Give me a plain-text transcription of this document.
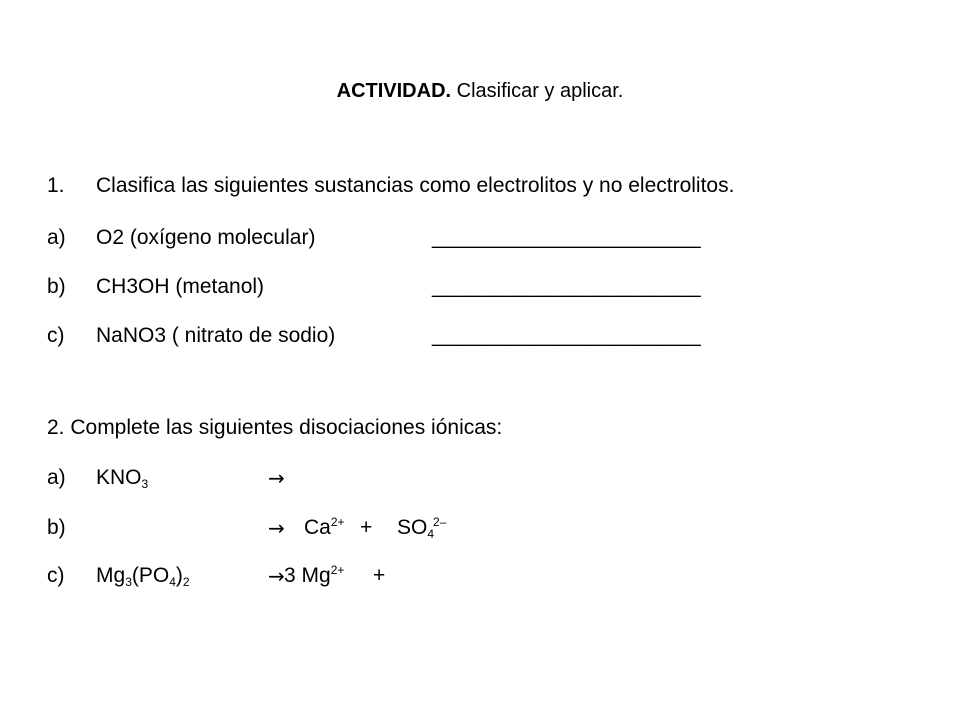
ACTIVIDAD. Clasificar y aplicar.
1. Clasifica las siguientes sustancias como electrolitos y no electrolitos.
a) O2 (oxígeno molecular)	_______________________
b) CH3OH (metanol)	_______________________
c) NaNO3 ( nitrato de sodio)	_______________________
2. Complete las siguientes disociaciones iónicas:
a) $KNO_3$	→
b)	→ $Ca^{2+} + SO_4^{2-}$
c) $Mg_3(PO_4)_2$	→ 3 $Mg^{2+}$ +
